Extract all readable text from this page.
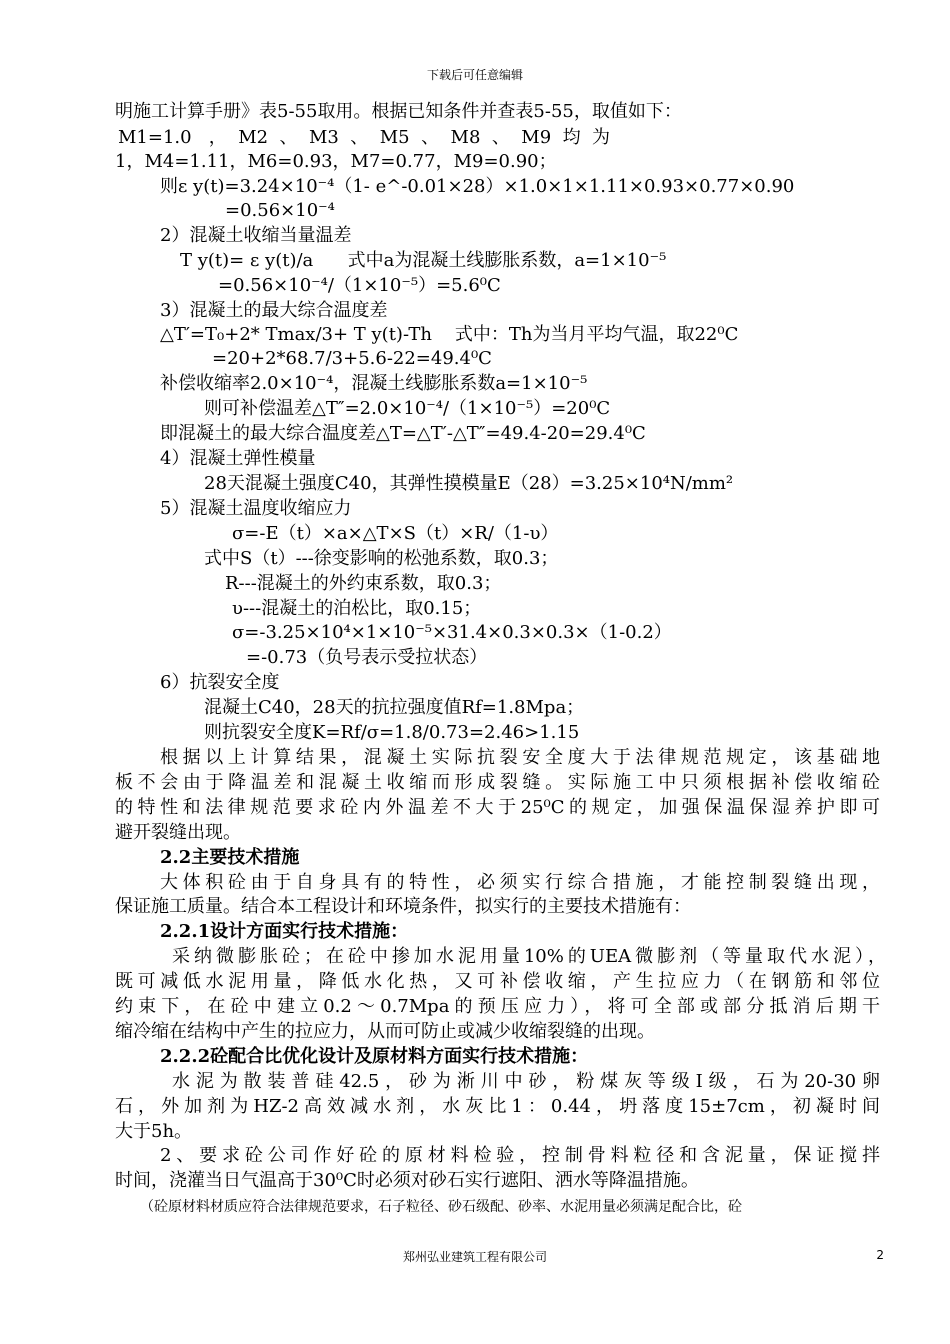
下载后可任意编辑
明施工计算手册》表5-55取用。根据已知条件并查表5-55，取值如下：
M1=1.0   ，  M2  、  M3  、  M5  、  M8  、  M9  均  为
1，M4=1.11，M6=0.93，M7=0.77，M9=0.90；
则ε y(t)=3.24×10⁻⁴（1- e^-0.01×28）×1.0×1×1.11×0.93×0.77×0.90
=0.56×10⁻⁴
2）混凝土收缩当量温差
T y(t)= ε y(t)/a      式中a为混凝土线膨胀系数，a=1×10⁻⁵
=0.56×10⁻⁴/（1×10⁻⁵）=5.6⁰C
3）混凝土的最大综合温度差
△T′=T₀+2* Tmax/3+ T y(t)-Th    式中：Th为当月平均气温，取22⁰C
=20+2*68.7/3+5.6-22=49.4⁰C
补偿收缩率2.0×10⁻⁴，混凝土线膨胀系数a=1×10⁻⁵
则可补偿温差△T″=2.0×10⁻⁴/（1×10⁻⁵）=20⁰C
即混凝土的最大综合温度差△T=△T′-△T″=49.4-20=29.4⁰C
4）混凝土弹性模量
28天混凝土强度C40，其弹性摸模量E（28）=3.25×10⁴N/mm²
5）混凝土温度收缩应力
σ=-E（t）×a×△T×S（t）×R/（1-υ）
式中S（t）---徐变影响的松弛系数，取0.3；
R---混凝土的外约束系数，取0.3；
υ---混凝土的泊松比，取0.15；
σ=-3.25×10⁴×1×10⁻⁵×31.4×0.3×0.3×（1-0.2）
=-0.73（负号表示受拉状态）
6）抗裂安全度
混凝土C40，28天的抗拉强度值Rf=1.8Mpa；
则抗裂安全度K=Rf/σ=1.8/0.73=2.46>1.15
根据以上计算结果，混凝土实际抗裂安全度大于法律规范规定，该基础地
板不会由于降温差和混凝土收缩而形成裂缝。实际施工中只须根据补偿收缩砼
的特性和法律规范要求砼内外温差不大于25⁰C的规定，加强保温保湿养护即可
避开裂缝出现。
2.2主要技术措施
大体积砼由于自身具有的特性，必须实行综合措施，才能控制裂缝出现，
保证施工质量。结合本工程设计和环境条件，拟实行的主要技术措施有：
2.2.1设计方面实行技术措施：
采纳微膨胀砼；在砼中掺加水泥用量10%的UEA微膨剂（等量取代水泥），
既可减低水泥用量，降低水化热，又可补偿收缩，产生拉应力（在钢筋和邻位
约束下，在砼中建立0.2～0.7Mpa的预压应力），将可全部或部分抵消后期干
缩冷缩在结构中产生的拉应力，从而可防止或减少收缩裂缝的出现。
2.2.2砼配合比优化设计及原材料方面实行技术措施：
水泥为散装普硅42.5，砂为淅川中砂，粉煤灰等级Ⅰ级，石为20-30卵
石，外加剂为HZ-2高效减水剂，水灰比1：0.44，坍落度15±7cm，初凝时间
大于5h。
2、要求砼公司作好砼的原材料检验，控制骨料粒径和含泥量，保证搅拌
时间，浇灌当日气温高于30⁰C时必须对砂石实行遮阳、洒水等降温措施。
（砼原材料材质应符合法律规范要求，石子粒径、砂石级配、砂率、水泥用量必须满足配合比，砼
郑州弘业建筑工程有限公司	2
